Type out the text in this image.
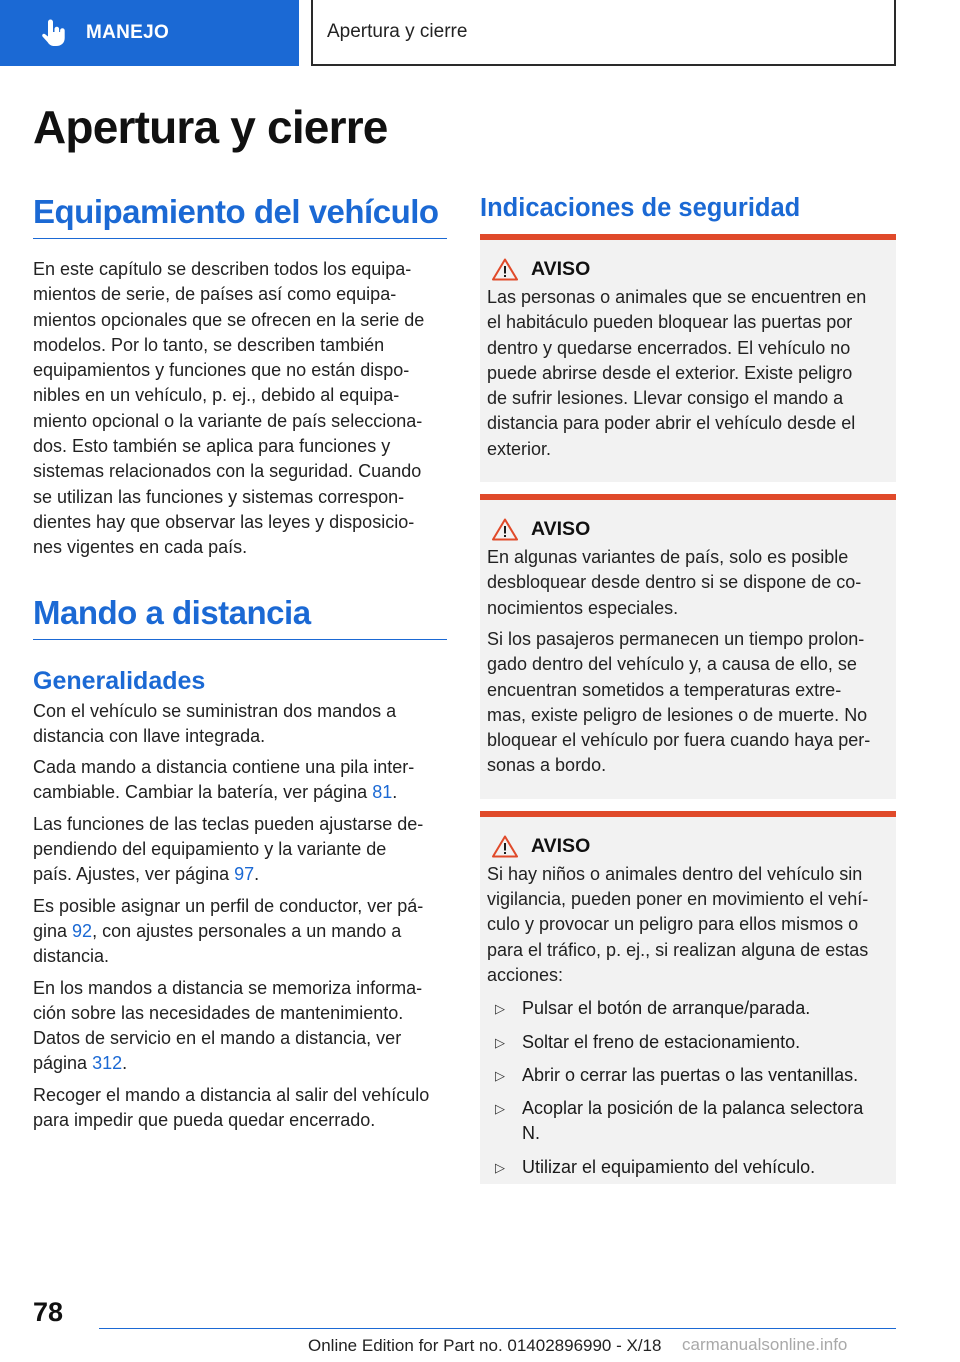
MANEJO	Apertura y cierre
Apertura y cierre
Equipamiento del vehículo
En este capítulo se describen todos los equipa-
mientos de serie, de países así como equipa-
mientos opcionales que se ofrecen en la serie de
modelos. Por lo tanto, se describen también
equipamientos y funciones que no están dispo-
nibles en un vehículo, p. ej., debido al equipa-
miento opcional o la variante de país selecciona-
dos. Esto también se aplica para funciones y
sistemas relacionados con la seguridad. Cuando
se utilizan las funciones y sistemas correspon-
dientes hay que observar las leyes y disposicio-
nes vigentes en cada país.
Mando a distancia
Generalidades
Con el vehículo se suministran dos mandos a
distancia con llave integrada.
Cada mando a distancia contiene una pila inter-
cambiable. Cambiar la batería, ver página 81.
Las funciones de las teclas pueden ajustarse de-
pendiendo del equipamiento y la variante de
país. Ajustes, ver página 97.
Es posible asignar un perfil de conductor, ver pá-
gina 92, con ajustes personales a un mando a
distancia.
En los mandos a distancia se memoriza informa-
ción sobre las necesidades de mantenimiento.
Datos de servicio en el mando a distancia, ver
página 312.
Recoger el mando a distancia al salir del vehículo
para impedir que pueda quedar encerrado.
Indicaciones de seguridad
AVISO
Las personas o animales que se encuentren en
el habitáculo pueden bloquear las puertas por
dentro y quedarse encerrados. El vehículo no
puede abrirse desde el exterior. Existe peligro
de sufrir lesiones. Llevar consigo el mando a
distancia para poder abrir el vehículo desde el
exterior.
AVISO
En algunas variantes de país, solo es posible
desbloquear desde dentro si se dispone de co-
nocimientos especiales.
Si los pasajeros permanecen un tiempo prolon-
gado dentro del vehículo y, a causa de ello, se
encuentran sometidos a temperaturas extre-
mas, existe peligro de lesiones o de muerte. No
bloquear el vehículo por fuera cuando haya per-
sonas a bordo.
AVISO
Si hay niños o animales dentro del vehículo sin
vigilancia, pueden poner en movimiento el vehí-
culo y provocar un peligro para ellos mismos o
para el tráfico, p. ej., si realizan alguna de estas
acciones:
▷ Pulsar el botón de arranque/parada.
▷ Soltar el freno de estacionamiento.
▷ Abrir o cerrar las puertas o las ventanillas.
▷ Acoplar la posición de la palanca selectora
N.
▷ Utilizar el equipamiento del vehículo.
78
Online Edition for Part no. 01402896990 - X/18 carmanualsonline.info
